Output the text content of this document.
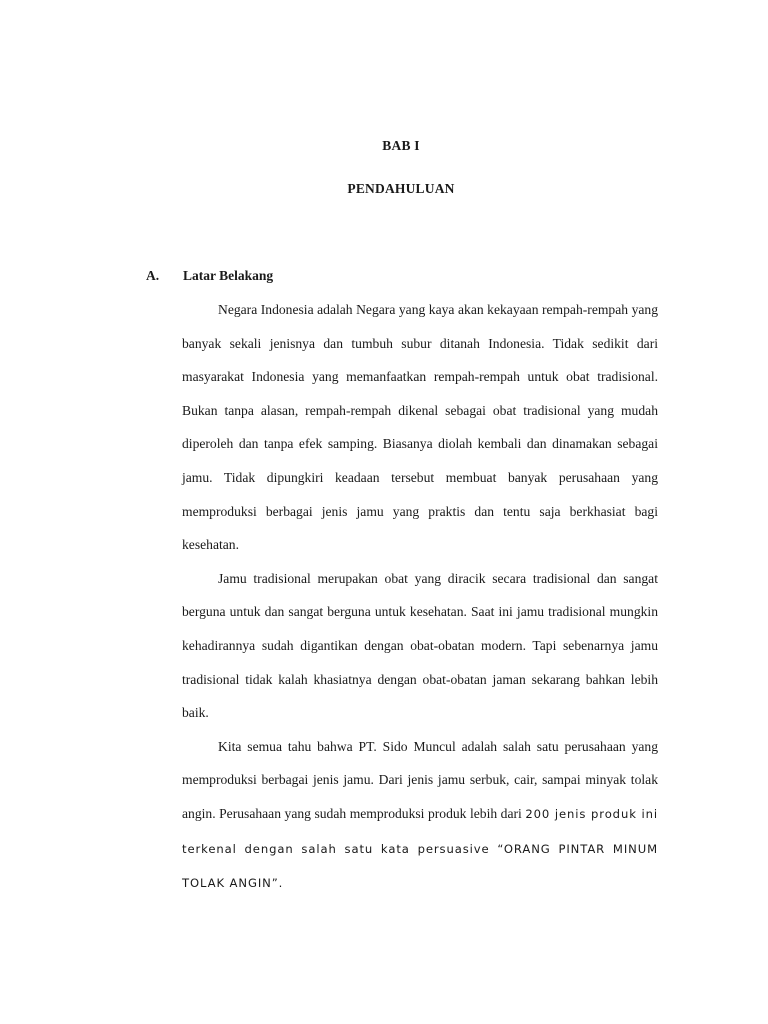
BAB I
PENDAHULUAN
A. Latar Belakang

Negara Indonesia adalah Negara yang kaya akan kekayaan rempah-rempah yang banyak sekali jenisnya dan tumbuh subur ditanah Indonesia. Tidak sedikit dari masyarakat Indonesia yang memanfaatkan rempah-rempah untuk obat tradisional. Bukan tanpa alasan, rempah-rempah dikenal sebagai obat tradisional yang mudah diperoleh dan tanpa efek samping. Biasanya diolah kembali dan dinamakan sebagai jamu. Tidak dipungkiri keadaan tersebut membuat banyak perusahaan yang memproduksi berbagai jenis jamu yang praktis dan tentu saja berkhasiat bagi kesehatan.

Jamu tradisional merupakan obat yang diracik secara tradisional dan sangat berguna untuk dan sangat berguna untuk kesehatan. Saat ini jamu tradisional mungkin kehadirannya sudah digantikan dengan obat-obatan modern. Tapi sebenarnya jamu tradisional tidak kalah khasiatnya dengan obat-obatan jaman sekarang bahkan lebih baik.

Kita semua tahu bahwa PT. Sido Muncul adalah salah satu perusahaan yang memproduksi berbagai jenis jamu. Dari jenis jamu serbuk, cair, sampai minyak tolak angin. Perusahaan yang sudah memproduksi produk lebih dari 200 jenis produk ini terkenal dengan salah satu kata persuasive “ORANG PINTAR MINUM TOLAK ANGIN”.
